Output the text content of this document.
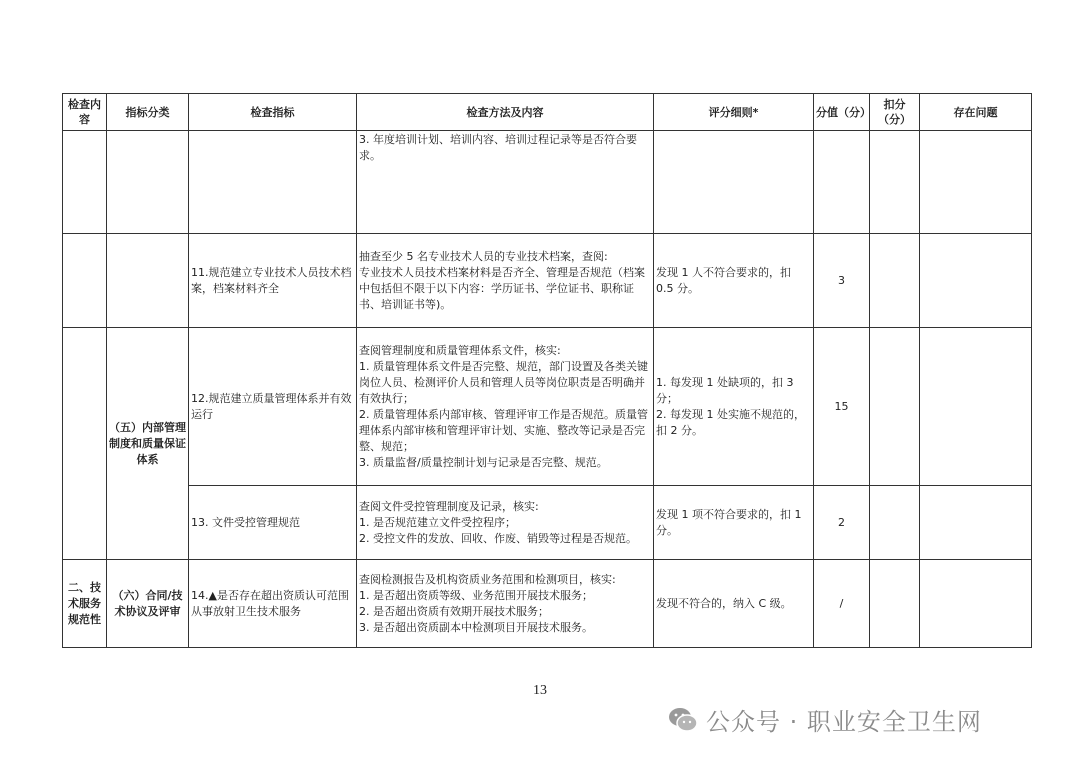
检查内容	指标分类	检查指标	检查方法及内容	评分细则*	分值（分）	扣分（分）	存在问题
			3. 年度培训计划、培训内容、培训过程记录等是否符合要求。				
		11.规范建立专业技术人员技术档案，档案材料齐全	抽查至少 5 名专业技术人员的专业技术档案，查阅:
专业技术人员技术档案材料是否齐全、管理是否规范（档案中包括但不限于以下内容：学历证书、学位证书、职称证书、培训证书等)。	发现 1 人不符合要求的，扣 0.5 分。	3		
	（五）内部管理制度和质量保证体系	12.规范建立质量管理体系并有效运行	查阅管理制度和质量管理体系文件，核实:
1. 质量管理体系文件是否完整、规范，部门设置及各类关键岗位人员、检测评价人员和管理人员等岗位职责是否明确并有效执行；
2. 质量管理体系内部审核、管理评审工作是否规范。质量管理体系内部审核和管理评审计划、实施、整改等记录是否完整、规范；
3. 质量监督/质量控制计划与记录是否完整、规范。	1. 每发现 1 处缺项的，扣 3 分；
2. 每发现 1 处实施不规范的，扣 2 分。	15		
		13. 文件受控管理规范	查阅文件受控管理制度及记录，核实:
1. 是否规范建立文件受控程序；
2. 受控文件的发放、回收、作废、销毁等过程是否规范。	发现 1 项不符合要求的，扣 1 分。	2		
二、技术服务规范性	（六）合同/技术协议及评审	14.▲是否存在超出资质认可范围从事放射卫生技术服务	查阅检测报告及机构资质业务范围和检测项目，核实:
1. 是否超出资质等级、业务范围开展技术服务；
2. 是否超出资质有效期开展技术服务；
3. 是否超出资质副本中检测项目开展技术服务。	发现不符合的，纳入 C 级。	/		
13
公众号 · 职业安全卫生网
